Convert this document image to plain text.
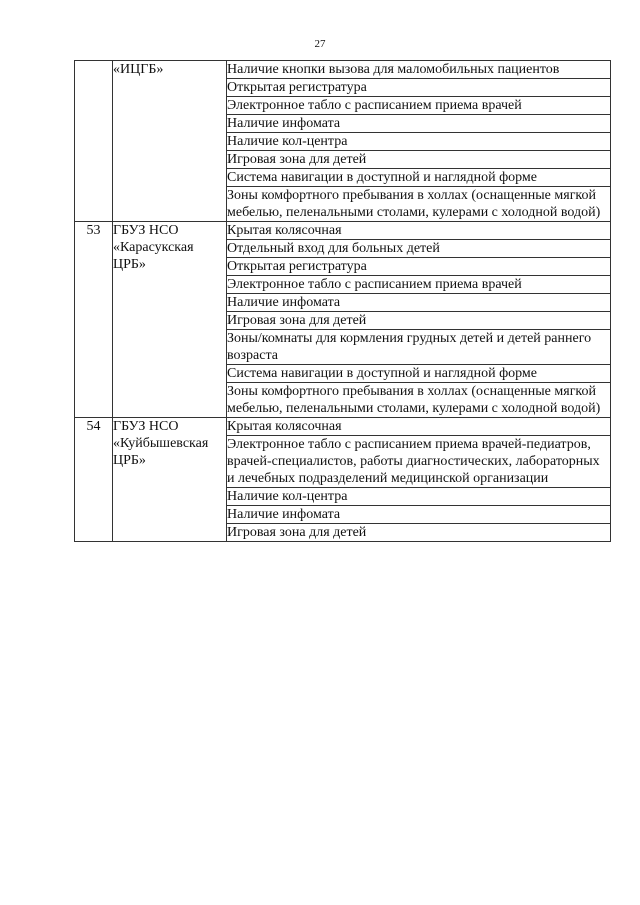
27
	«ИЦГБ»	Наличие кнопки вызова для маломобильных пациентов
		Открытая регистратура
		Электронное табло с расписанием приема врачей
		Наличие инфомата
		Наличие кол-центра
		Игровая зона для детей
		Система навигации в доступной и наглядной форме
		Зоны комфортного пребывания в холлах (оснащенные мягкой мебелью, пеленальными столами, кулерами с холодной водой)
53	ГБУЗ НСО «Карасукская ЦРБ»	Крытая колясочная
		Отдельный вход для больных детей
		Открытая регистратура
		Электронное табло с расписанием приема врачей
		Наличие инфомата
		Игровая зона для детей
		Зоны/комнаты для кормления грудных детей и детей раннего возраста
		Система навигации в доступной и наглядной форме
		Зоны комфортного пребывания в холлах (оснащенные мягкой мебелью, пеленальными столами, кулерами с холодной водой)
54	ГБУЗ НСО «Куйбышевская ЦРБ»	Крытая колясочная
		Электронное табло с расписанием приема врачей-педиатров, врачей-специалистов, работы диагностических, лабораторных и лечебных подразделений медицинской организации
		Наличие кол-центра
		Наличие инфомата
		Игровая зона для детей
